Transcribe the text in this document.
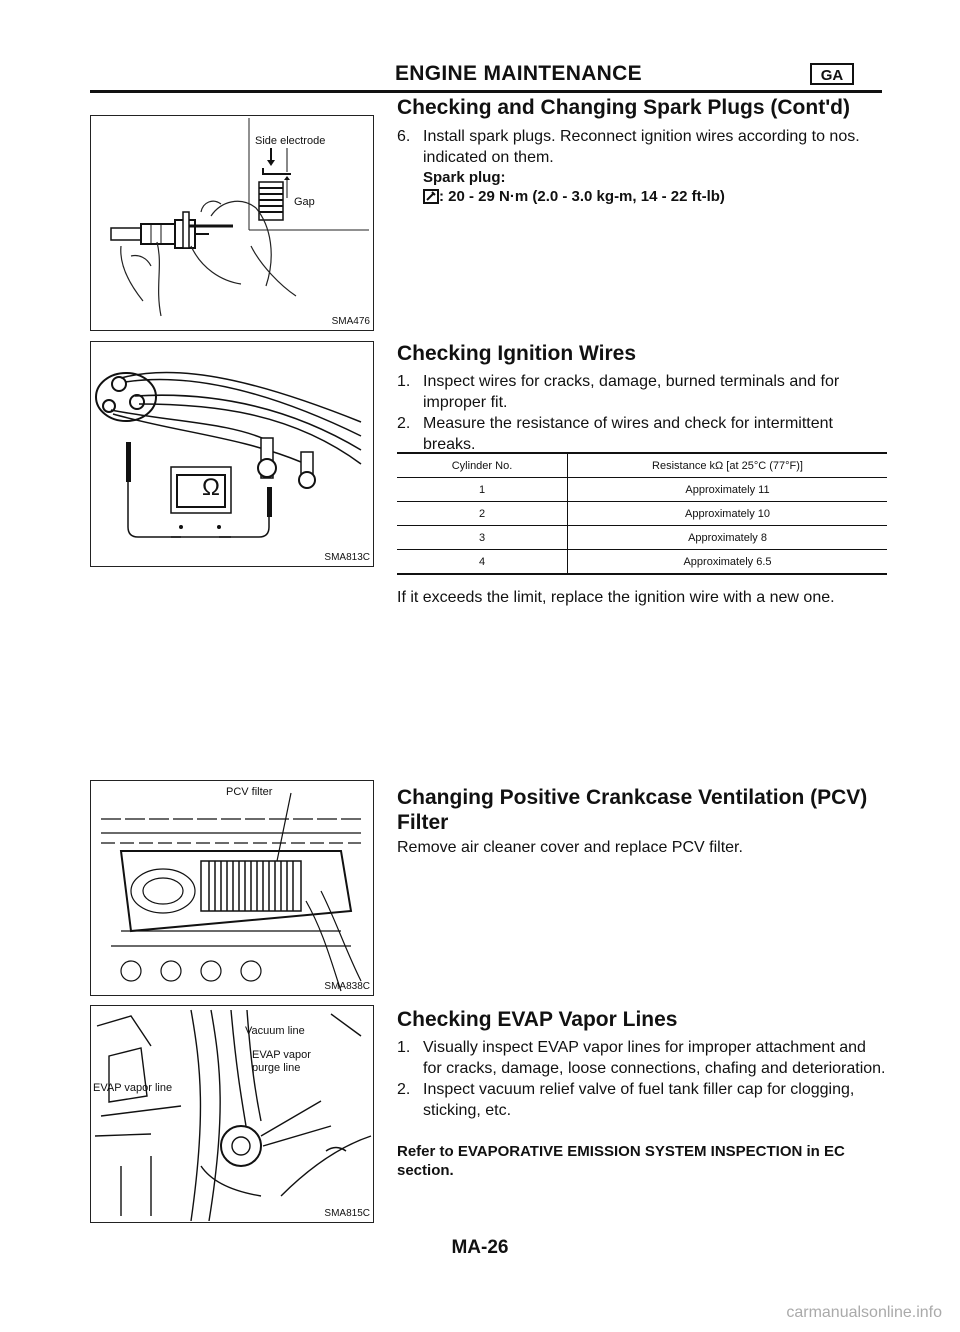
ENGINE MAINTENANCE	GA
Checking and Changing Spark Plugs (Cont'd)
6. Install spark plugs. Reconnect ignition wires according to nos. indicated on them.
Spark plug:
: 20 - 29 N·m (2.0 - 3.0 kg-m, 14 - 22 ft-lb)
Side electrode
Gap
SMA476
Ω
SMA813C
Checking Ignition Wires
1. Inspect wires for cracks, damage, burned terminals and for improper fit.
2. Measure the resistance of wires and check for intermittent breaks.
Cylinder No.	Resistance kΩ [at 25°C (77°F)]
1	Approximately 11
2	Approximately 10
3	Approximately 8
4	Approximately 6.5
If it exceeds the limit, replace the ignition wire with a new one.
Changing Positive Crankcase Ventilation (PCV)
Filter
Remove air cleaner cover and replace PCV filter.
PCV filter
SMA838C
Vacuum line
EVAP vapor
purge line
EVAP vapor line
SMA815C
Checking EVAP Vapor Lines
1. Visually inspect EVAP vapor lines for improper attachment and for cracks, damage, loose connections, chafing and deterioration.
2. Inspect vacuum relief valve of fuel tank filler cap for clogging, sticking, etc.
Refer to EVAPORATIVE EMISSION SYSTEM INSPECTION in EC section.
MA-26
carmanualsonline.info
